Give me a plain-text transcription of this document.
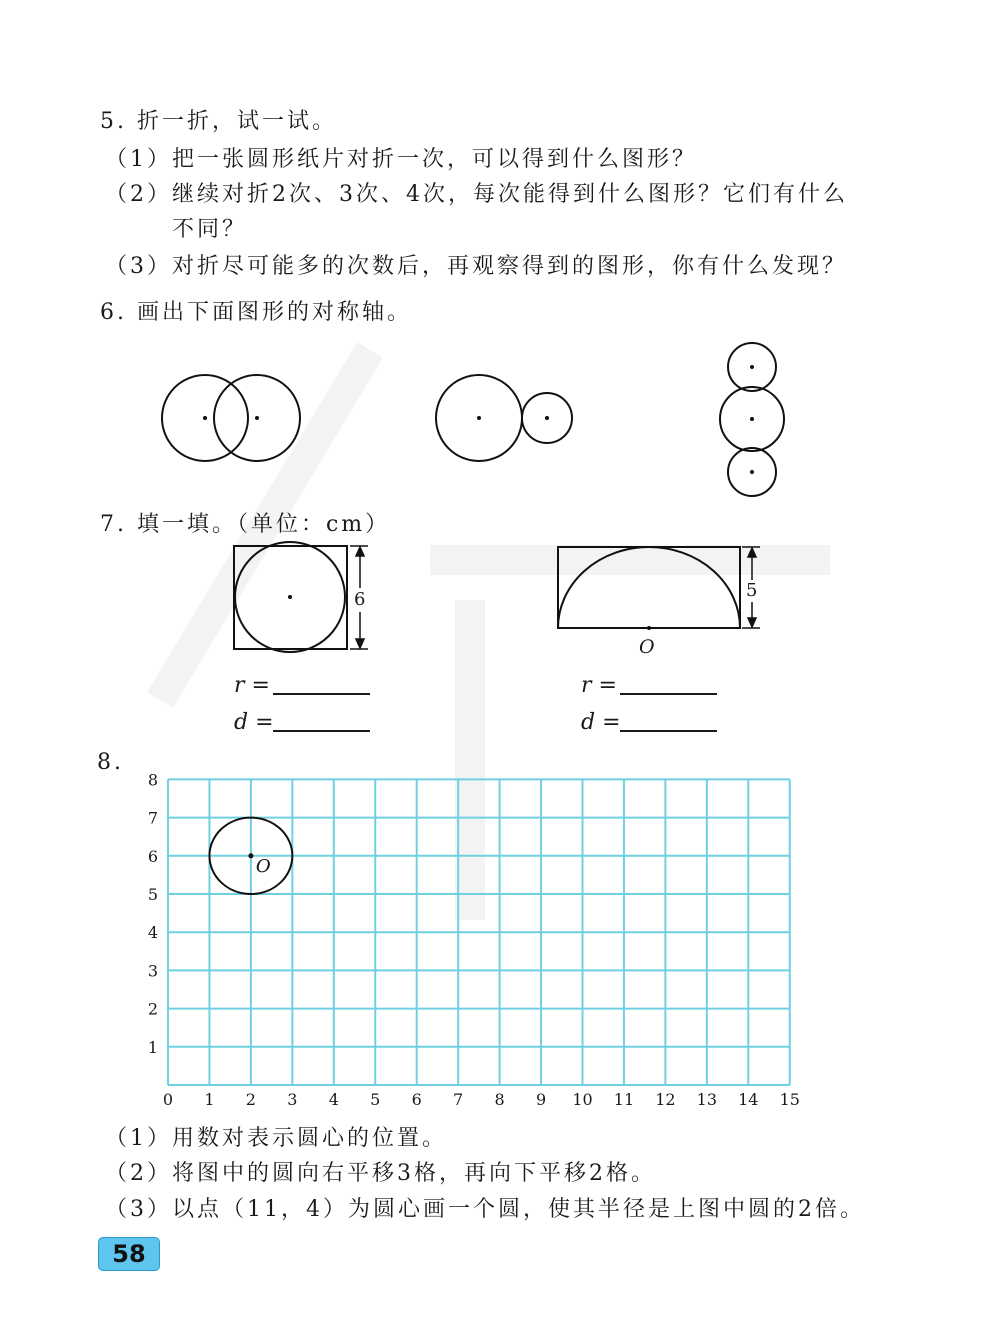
5. 折一折，试一试。
（1）把一张圆形纸片对折一次，可以得到什么图形？
（2）继续对折2次、3次、4次，每次能得到什么图形？它们有什么
不同？
（3）对折尽可能多的次数后，再观察得到的图形，你有什么发现？
6. 画出下面图形的对称轴。
0 1 2 3 4 5 6 7 8 9 10 11 12 13 14 15
1
2
3
4
5
6
7
8
O
7. 填一填。（单位：cm）
6	5
O
r =
d =
r =
d =
8.
（1）用数对表示圆心的位置。
（2）将图中的圆向右平移3格，再向下平移2格。
（3）以点（11，4）为圆心画一个圆，使其半径是上图中圆的2倍。
58
